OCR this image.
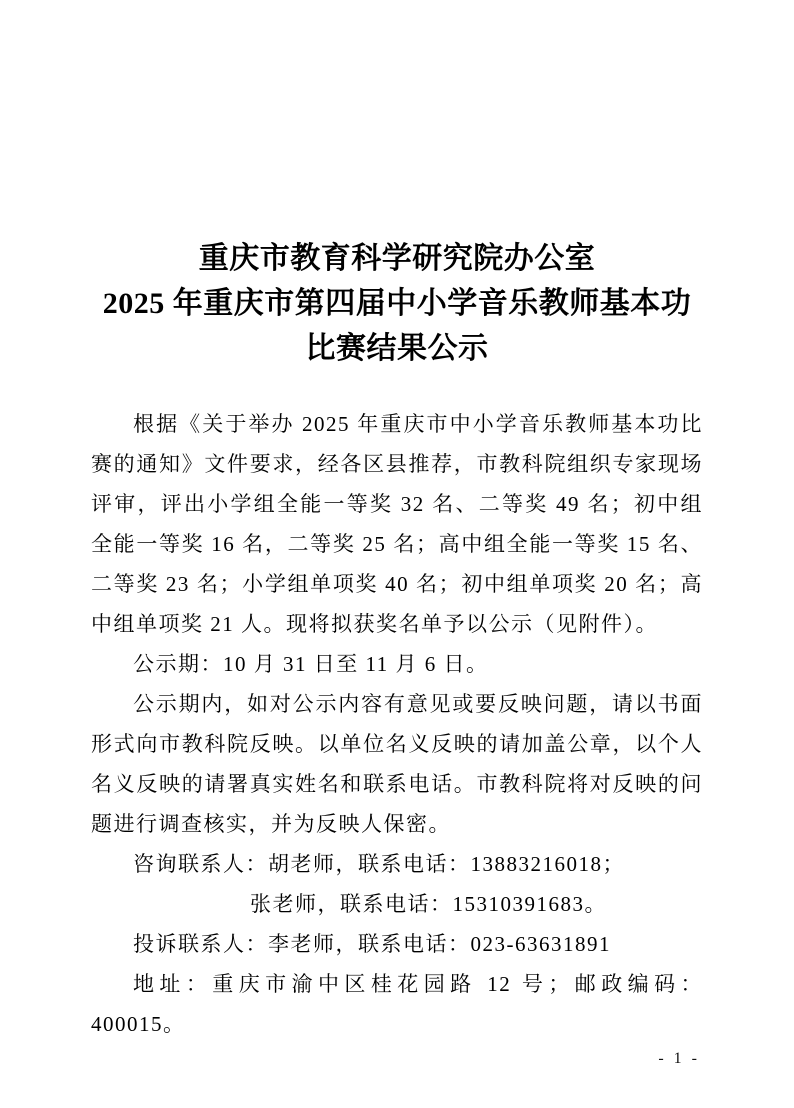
重庆市教育科学研究院办公室
2025 年重庆市第四届中小学音乐教师基本功
比赛结果公示

根据《关于举办 2025 年重庆市中小学音乐教师基本功比赛的通知》文件要求，经各区县推荐，市教科院组织专家现场评审，评出小学组全能一等奖 32 名、二等奖 49 名；初中组全能一等奖 16 名，二等奖 25 名；高中组全能一等奖 15 名、二等奖 23 名；小学组单项奖 40 名；初中组单项奖 20 名；高中组单项奖 21 人。现将拟获奖名单予以公示（见附件）。

公示期：10 月 31 日至 11 月 6 日。

公示期内，如对公示内容有意见或要反映问题，请以书面形式向市教科院反映。以单位名义反映的请加盖公章，以个人名义反映的请署真实姓名和联系电话。市教科院将对反映的问题进行调查核实，并为反映人保密。

咨询联系人：胡老师，联系电话：13883216018；

张老师，联系电话：15310391683。

投诉联系人：李老师，联系电话：023-63631891

地址：重庆市渝中区桂花园路 12 号；邮政编码：400015。

- 1 -
